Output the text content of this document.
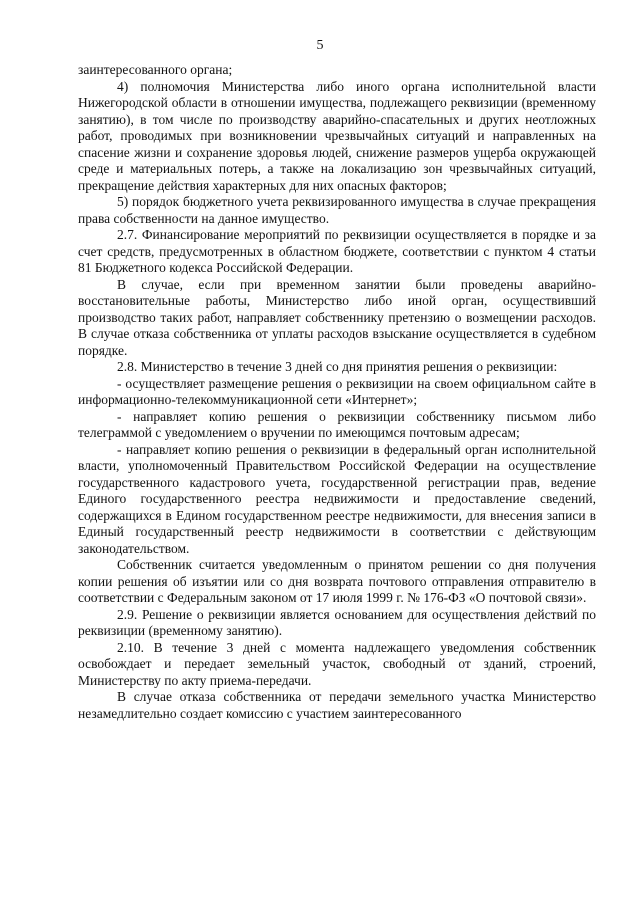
5

заинтересованного органа;

4) полномочия Министерства либо иного органа исполнительной власти Нижегородской области в отношении имущества, подлежащего реквизиции (временному занятию), в том числе по производству аварийно-спасательных и других неотложных работ, проводимых при возникновении чрезвычайных ситуаций и направленных на спасение жизни и сохранение здоровья людей, снижение размеров ущерба окружающей среде и материальных потерь, а также на локализацию зон чрезвычайных ситуаций, прекращение действия характерных для них опасных факторов;

5) порядок бюджетного учета реквизированного имущества в случае прекращения права собственности на данное имущество.

2.7. Финансирование мероприятий по реквизиции осуществляется в порядке и за счет средств, предусмотренных в областном бюджете, соответствии с пунктом 4 статьи 81 Бюджетного кодекса Российской Федерации.

В случае, если при временном занятии были проведены аварийно-восстановительные работы, Министерство либо иной орган, осуществивший производство таких работ, направляет собственнику претензию о возмещении расходов. В случае отказа собственника от уплаты расходов взыскание осуществляется в судебном порядке.

2.8. Министерство в течение 3 дней со дня принятия решения о реквизиции:

- осуществляет размещение решения о реквизиции на своем официальном сайте в информационно-телекоммуникационной сети «Интернет»;

- направляет копию решения о реквизиции собственнику письмом либо телеграммой с уведомлением о вручении по имеющимся почтовым адресам;

- направляет копию решения о реквизиции в федеральный орган исполнительной власти, уполномоченный Правительством Российской Федерации на осуществление государственного кадастрового учета, государственной регистрации прав, ведение Единого государственного реестра недвижимости и предоставление сведений, содержащихся в Едином государственном реестре недвижимости, для внесения записи в Единый государственный реестр недвижимости в соответствии с действующим законодательством.

Собственник считается уведомленным о принятом решении со дня получения копии решения об изъятии или со дня возврата почтового отправления отправителю в соответствии с Федеральным законом от 17 июля 1999 г. № 176-ФЗ «О почтовой связи».

2.9. Решение о реквизиции является основанием для осуществления действий по реквизиции (временному занятию).

2.10. В течение 3 дней с момента надлежащего уведомления собственник освобождает и передает земельный участок, свободный от зданий, строений, Министерству по акту приема-передачи.

В случае отказа собственника от передачи земельного участка Министерство незамедлительно создает комиссию с участием заинтересованного
